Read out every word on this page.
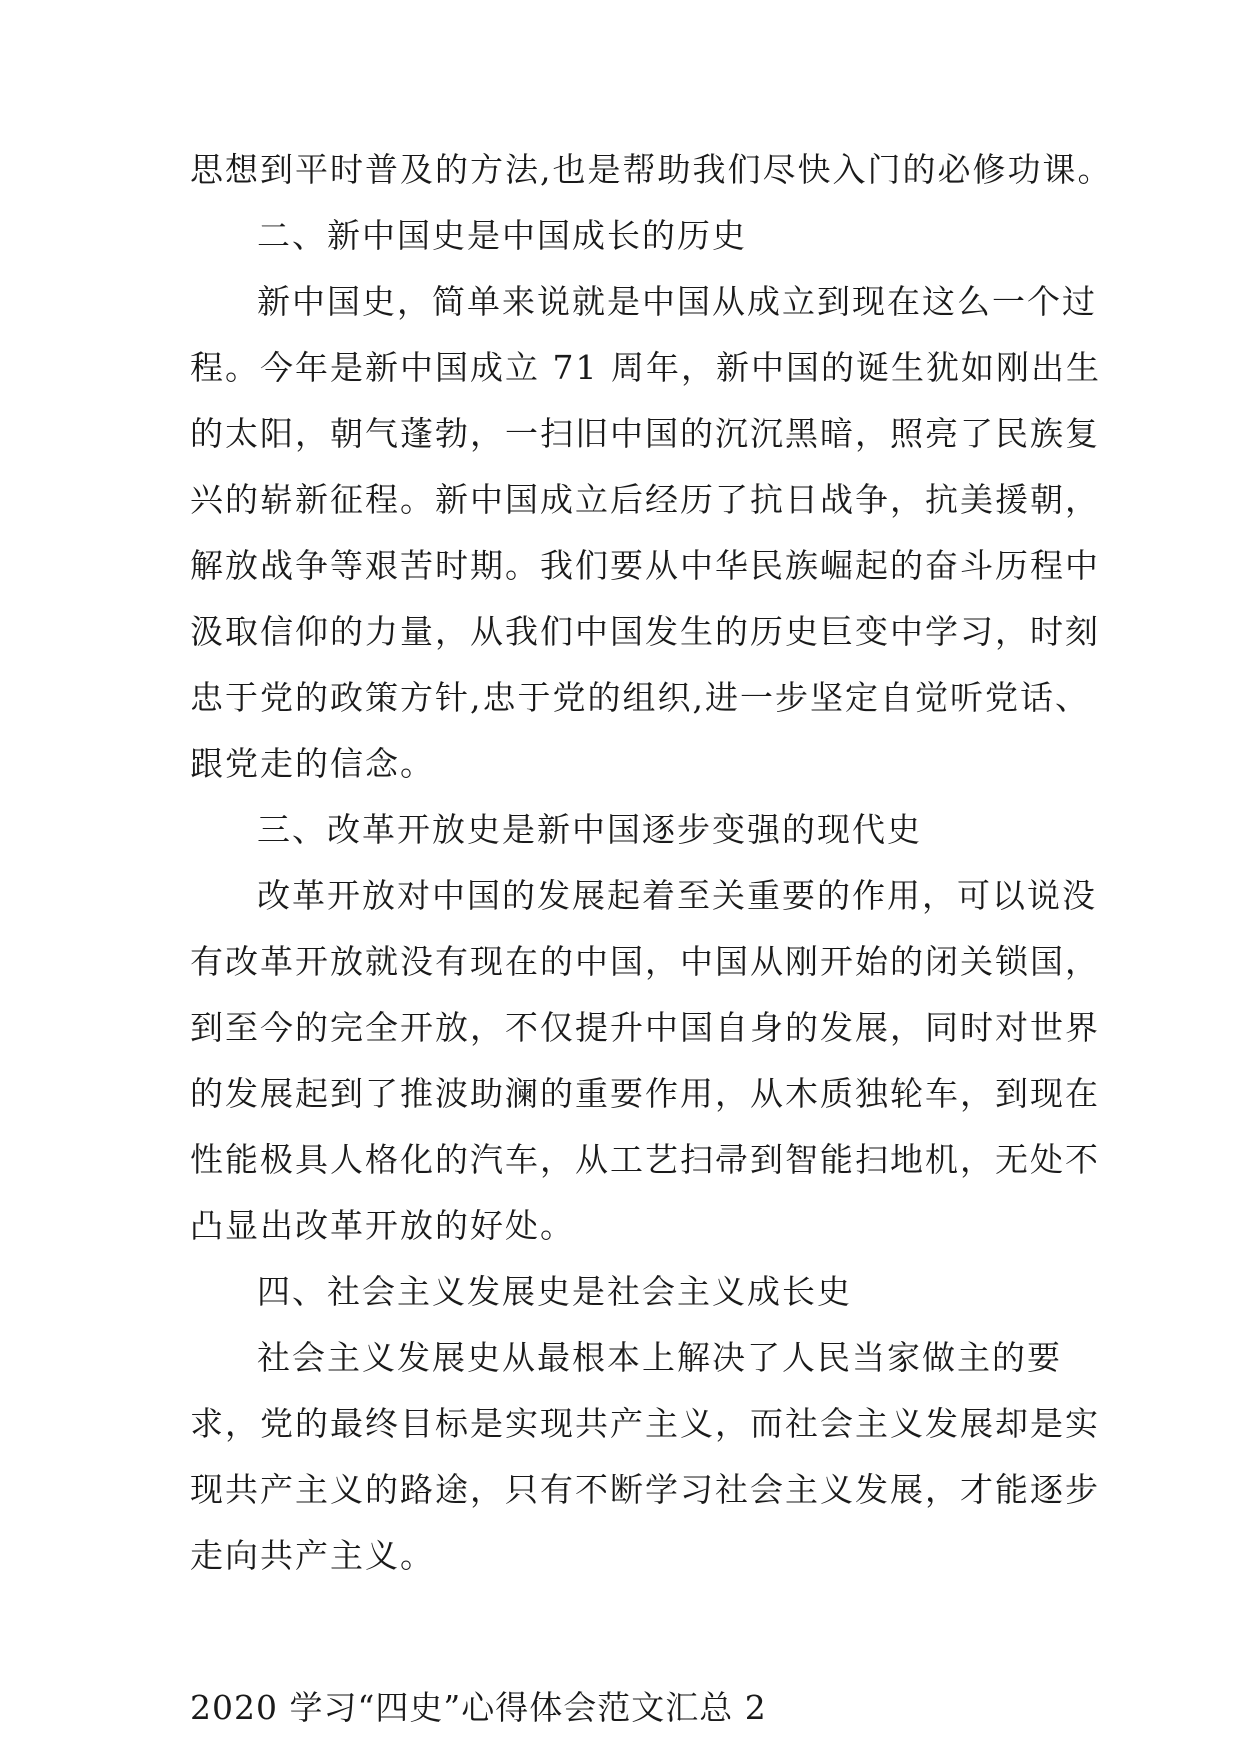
思想到平时普及的方法,也是帮助我们尽快入门的必修功课。
二、新中国史是中国成长的历史
新中国史，简单来说就是中国从成立到现在这么一个过
程。今年是新中国成立 71 周年，新中国的诞生犹如刚出生
的太阳，朝气蓬勃，一扫旧中国的沉沉黑暗，照亮了民族复
兴的崭新征程。新中国成立后经历了抗日战争，抗美援朝，
解放战争等艰苦时期。我们要从中华民族崛起的奋斗历程中
汲取信仰的力量，从我们中国发生的历史巨变中学习，时刻
忠于党的政策方针,忠于党的组织,进一步坚定自觉听党话、
跟党走的信念。
三、改革开放史是新中国逐步变强的现代史
改革开放对中国的发展起着至关重要的作用，可以说没
有改革开放就没有现在的中国，中国从刚开始的闭关锁国，
到至今的完全开放，不仅提升中国自身的发展，同时对世界
的发展起到了推波助澜的重要作用，从木质独轮车，到现在
性能极具人格化的汽车，从工艺扫帚到智能扫地机，无处不
凸显出改革开放的好处。
四、社会主义发展史是社会主义成长史
社会主义发展史从最根本上解决了人民当家做主的要
求，党的最终目标是实现共产主义，而社会主义发展却是实
现共产主义的路途，只有不断学习社会主义发展，才能逐步
走向共产主义。
2020 学习“四史”心得体会范文汇总 2
